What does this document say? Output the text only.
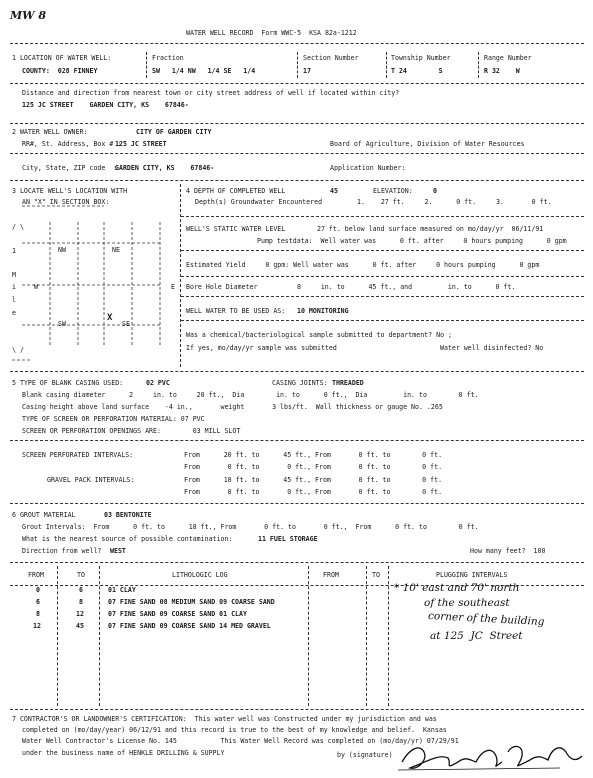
MW 8
WATER WELL RECORD  Form WWC-5  KSA 82a-1212
1 LOCATION OF WATER WELL:
COUNTY:  028 FINNEY
Fraction
SW   1/4 NW   1/4 SE   1/4
Section Number
17
Township Number
T 24        S
Range Number
R 32    W
Distance and direction from nearest town or city street address of well if located within city?
125 JC STREET    GARDEN CITY, KS    67846-
2 WATER WELL OWNER:	CITY OF GARDEN CITY
RR#, St. Address, Box # :
125 JC STREET	Board of Agriculture, Division of Water Resources
City, State, ZIP code  :
GARDEN CITY, KS    67846-	Application Number:
3 LOCATE WELL'S LOCATION WITH
AN "X" IN SECTION BOX:
/ \
1
M
i
l
e
\ /
NW	NE
SW	SE
W	E
X
4 DEPTH OF COMPLETED WELL	45	ELEVATION:	0
Depth(s) Groundwater Encountered	1.    27 ft.     2.      0 ft.     3.       0 ft.
WELL'S STATIC WATER LEVEL	27 ft. below land surface measured on mo/day/yr  06/11/91
Pump testdata:  Well water was      0 ft. after     0 hours pumping      0 gpm
Estimated Yield     0 gpm: Well water was      0 ft. after     0 hours pumping      0 gpm
Bore Hole Diameter	8     in. to      45 ft., and         in. to      0 ft.
WELL WATER TO BE USED AS: 10 MONITORING
Was a chemical/bacteriological sample submitted to department? No ;
If yes, mo/day/yr sample was submitted	Water well disinfected? No
5 TYPE OF BLANK CASING USED:	02 PVC	CASING JOINTS: THREADED
Blank casing diameter      2     in. to     20 ft.,  Dia        in. to      0 ft.,  Dia         in. to        0 ft.
Casing height above land surface    -4 in.,       weight       3 lbs/ft.  Wall thickness or gauge No. .265
TYPE OF SCREEN OR PERFORATION MATERIAL: 07 PVC
SCREEN OR PERFORATION OPENINGS ARE:        03 MILL SLOT
SCREEN PERFORATED INTERVALS:	From      20 ft. to      45 ft., From       0 ft. to        0 ft.
From       0 ft. to       0 ft., From       0 ft. to        0 ft.
GRAVEL PACK INTERVALS:	From      18 ft. to      45 ft., From       0 ft. to        0 ft.
From       0 ft. to       0 ft., From       0 ft. to        0 ft.
6 GROUT MATERIAL	03 BENTONITE
Grout Intervals:  From      0 ft. to      18 ft., From       0 ft. to       0 ft.,  From      0 ft. to        0 ft.
What is the nearest source of possible contamination:	11 FUEL STORAGE
Direction from well? WEST	How many feet?  100
FROM	TO	LITHOLOGIC LOG	FROM	TO	PLUGGING INTERVALS
0	6	01 CLAY
6	8	07 FINE SAND 08 MEDIUM SAND 09 COARSE SAND
8	12	07 FINE SAND 09 COARSE SAND 01 CLAY
12	45	07 FINE SAND 09 COARSE SAND 14 MED GRAVEL
* 10' east and 70' north
of the southeast
corner of the building
at 125  JC  Street
7 CONTRACTOR'S OR LANDOWNER'S CERTIFICATION:  This water well was Constructed under my jurisdiction and was
completed on (mo/day/year) 06/12/91 and this record is true to the best of my knowledge and belief.  Kansas
Water Well Contractor's License No. 145           This Water Well Record was completed on (mo/day/yr) 07/29/91
under the business name of HENKLE DRILLING & SUPPLY	by (signature)
